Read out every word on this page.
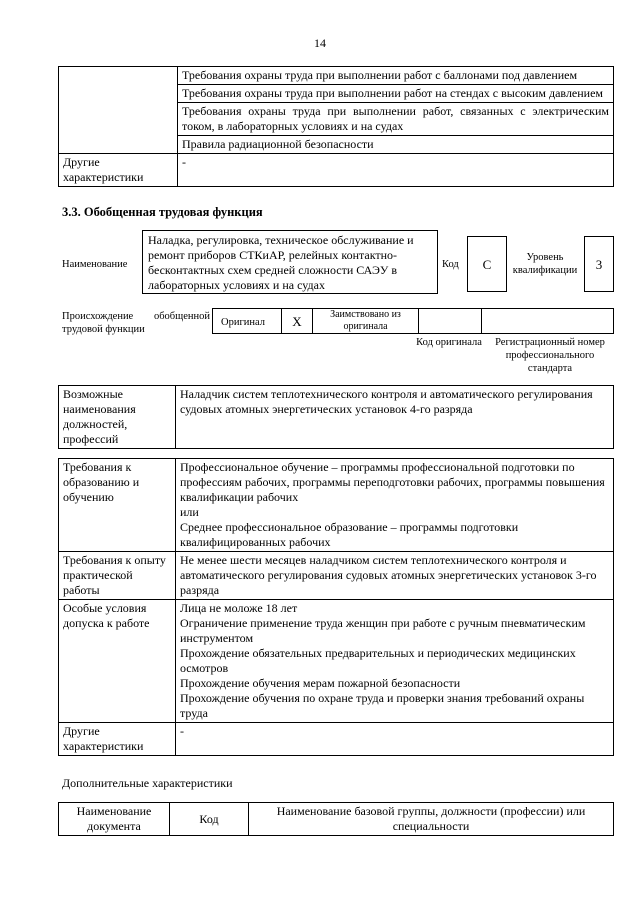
14
	Требования охраны труда при выполнении работ с баллонами под давлением
	Требования охраны труда при выполнении работ на стендах с высоким давлением
	Требования охраны труда при выполнении работ, связанных с электрическим током, в лабораторных условиях и на судах
	Правила радиационной безопасности
Другие характеристики	-
3.3. Обобщенная трудовая функция
Наименование
Наладка, регулировка, техническое обслуживание и ремонт приборов СТКиАР, релейных контактно-бесконтактных схем средней сложности САЭУ в лабораторных условиях и на судах
Код	C	Уровень квалификации	3
Происхождение обобщенной трудовой функции
Оригинал	X	Заимствовано из оригинала
Код оригинала	Регистрационный номер профессионального стандарта
Возможные наименования должностей, профессий	Наладчик систем теплотехнического контроля и автоматического регулирования судовых атомных энергетических установок 4-го разряда
Требования к образованию и обучению	Профессиональное обучение – программы профессиональной подготовки по профессиям рабочих, программы переподготовки рабочих, программы повышения квалификации рабочих
или
Среднее профессиональное образование – программы подготовки квалифицированных рабочих

Требования к опыту практической работы	Не менее шести месяцев наладчиком систем теплотехнического контроля и автоматического регулирования судовых атомных энергетических установок 3-го разряда
Особые условия допуска к работе	Лица не моложе 18 лет
Ограничение применение труда женщин при работе с ручным пневматическим инструментом
Прохождение обязательных предварительных и периодических медицинских осмотров
Прохождение обучения мерам пожарной безопасности
Прохождение обучения по охране труда и проверки знания требований охраны труда

Другие характеристики	-
Дополнительные характеристики
Наименование документа	Код	Наименование базовой группы, должности (профессии) или специальности
